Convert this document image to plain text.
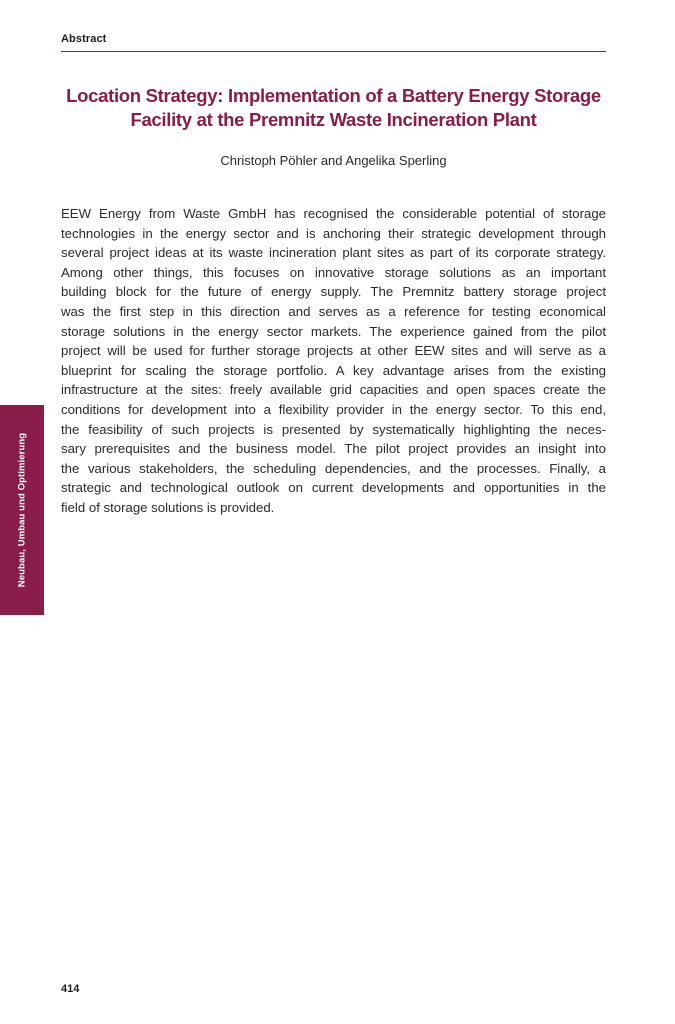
Abstract
Location Strategy: Implementation of a Battery Energy Storage
Facility at the Premnitz Waste Incineration Plant
Christoph Pöhler and Angelika Sperling
EEW Energy from Waste GmbH has recognised the considerable potential of storage
technologies in the energy sector and is anchoring their strategic development through
several project ideas at its waste incineration plant sites as part of its corporate strategy.
Among other things, this focuses on innovative storage solutions as an important
building block for the future of energy supply. The Premnitz battery storage project
was the first step in this direction and serves as a reference for testing economical
storage solutions in the energy sector markets. The experience gained from the pilot
project will be used for further storage projects at other EEW sites and will serve as a
blueprint for scaling the storage portfolio. A key advantage arises from the existing
infrastructure at the sites: freely available grid capacities and open spaces create the
conditions for development into a flexibility provider in the energy sector. To this end,
the feasibility of such projects is presented by systematically highlighting the neces-
sary prerequisites and the business model. The pilot project provides an insight into
the various stakeholders, the scheduling dependencies, and the processes. Finally, a
strategic and technological outlook on current developments and opportunities in the
field of storage solutions is provided.
Neubau, Umbau und Optimierung
414
